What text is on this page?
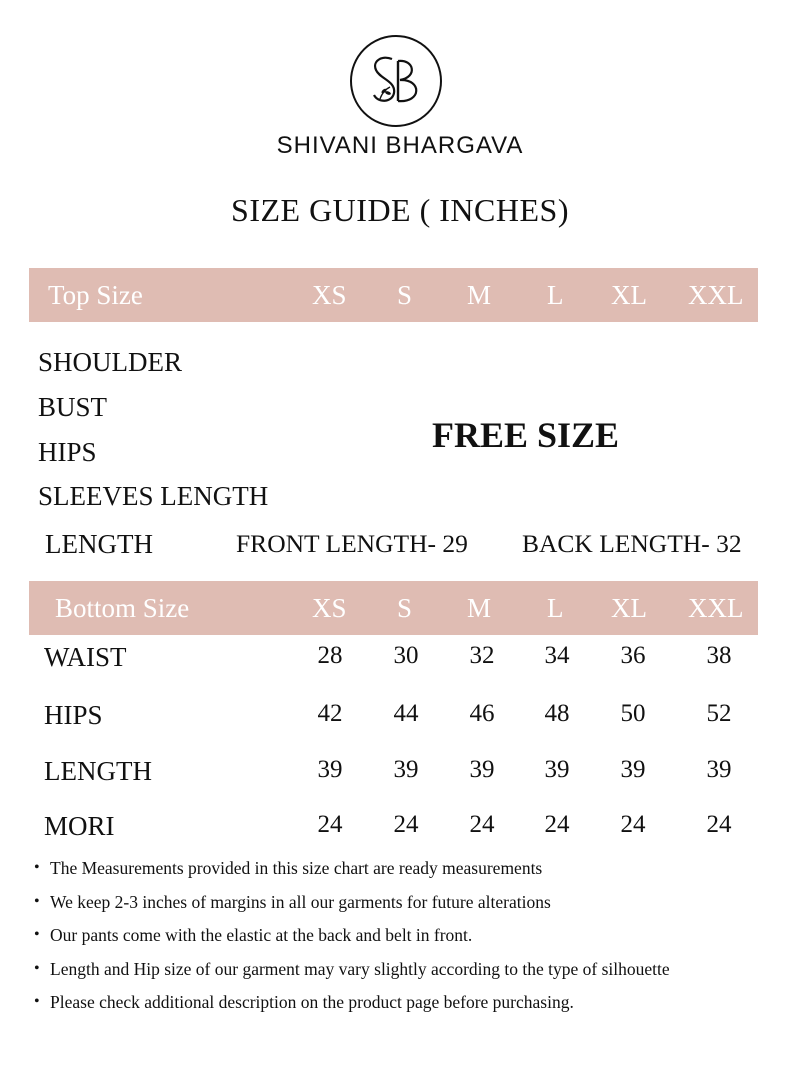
SHIVANI BHARGAVA
SIZE GUIDE ( INCHES)
Top Size	XS S M L XL XXL
SHOULDER
BUST
HIPS
SLEEVES LENGTH
FREE SIZE
LENGTH	FRONT LENGTH- 29 BACK LENGTH- 32
Bottom Size	XS S M L XL XXL
WAIST	28	30	32	34	36	38
HIPS	42	44	46	48	50	52
LENGTH	39	39	39	39	39	39
MORI	24	24	24	24	24	24
• The Measurements provided in this size chart are ready measurements
• We keep 2-3 inches of margins in all our garments for future alterations
• Our pants come with the elastic at the back and belt in front.
• Length and Hip size of our garment may vary slightly according to the type of silhouette
• Please check additional description on the product page before purchasing.
